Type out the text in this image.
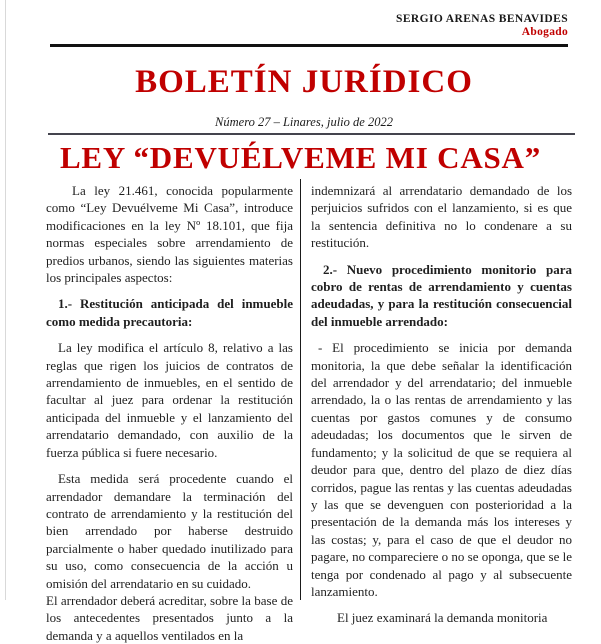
SERGIO ARENAS BENAVIDES
Abogado
BOLETÍN JURÍDICO
Número 27 – Linares, julio de 2022
LEY “DEVUÉLVEME MI CASA”

La ley 21.461, conocida popularmente como “Ley Devuélveme Mi Casa”, introduce modificaciones en la ley Nº 18.101, que fija normas especiales sobre arrendamiento de predios urbanos, siendo las siguientes materias los principales aspectos:

1.- Restitución anticipada del inmueble como medida precautoria:

La ley modifica el artículo 8, relativo a las reglas que rigen los juicios de contratos de arrendamiento de inmuebles, en el sentido de facultar al juez para ordenar la restitución anticipada del inmueble y el lanzamiento del arrendatario demandado, con auxilio de la fuerza pública si fuere necesario.

Esta medida será procedente cuando el arrendador demandare la terminación del contrato de arrendamiento y la restitución del bien arrendado por haberse destruido parcialmente o haber quedado inutilizado para su uso, como consecuencia de la acción u omisión del arrendatario en su cuidado.

El arrendador deberá acreditar, sobre la base de los antecedentes presentados junto a la demanda y a aquellos ventilados en la

indemnizará al arrendatario demandado de los perjuicios sufridos con el lanzamiento, si es que la sentencia definitiva no lo condenare a su restitución.

2.- Nuevo procedimiento monitorio para cobro de rentas de arrendamiento y cuentas adeudadas, y para la restitución consecuencial del inmueble arrendado:

- El procedimiento se inicia por demanda monitoria, la que debe señalar la identificación del arrendador y del arrendatario; del inmueble arrendado, la o las rentas de arrendamiento y las cuentas por gastos comunes y de consumo adeudadas; los documentos que le sirven de fundamento; y la solicitud de que se requiera al deudor para que, dentro del plazo de diez días corridos, pague las rentas y las cuentas adeudadas y las que se devenguen con posterioridad a la presentación de la demanda más los intereses y las costas; y, para el caso de que el deudor no pagare, no compareciere o no se oponga, que se le tenga por condenado al pago y al subsecuente lanzamiento.

El juez examinará la demanda monitoria
